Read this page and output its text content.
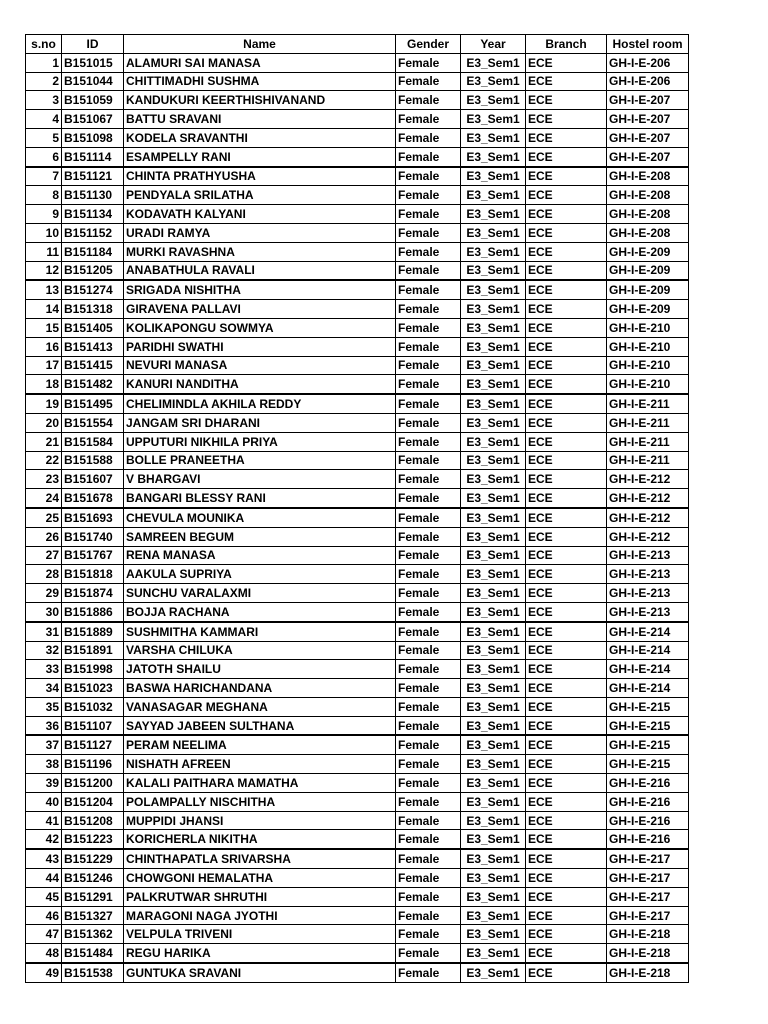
s.no	ID	Name	Gender	Year	Branch	Hostel room
1	B151015	ALAMURI SAI MANASA	Female	E3_Sem1	ECE	GH-I-E-206
2	B151044	CHITTIMADHI SUSHMA	Female	E3_Sem1	ECE	GH-I-E-206
3	B151059	KANDUKURI KEERTHISHIVANAND	Female	E3_Sem1	ECE	GH-I-E-207
4	B151067	BATTU SRAVANI	Female	E3_Sem1	ECE	GH-I-E-207
5	B151098	KODELA SRAVANTHI	Female	E3_Sem1	ECE	GH-I-E-207
6	B151114	ESAMPELLY RANI	Female	E3_Sem1	ECE	GH-I-E-207
7	B151121	CHINTA PRATHYUSHA	Female	E3_Sem1	ECE	GH-I-E-208
8	B151130	PENDYALA SRILATHA	Female	E3_Sem1	ECE	GH-I-E-208
9	B151134	KODAVATH KALYANI	Female	E3_Sem1	ECE	GH-I-E-208
10	B151152	URADI RAMYA	Female	E3_Sem1	ECE	GH-I-E-208
11	B151184	MURKI RAVASHNA	Female	E3_Sem1	ECE	GH-I-E-209
12	B151205	ANABATHULA RAVALI	Female	E3_Sem1	ECE	GH-I-E-209
13	B151274	SRIGADA NISHITHA	Female	E3_Sem1	ECE	GH-I-E-209
14	B151318	GIRAVENA PALLAVI	Female	E3_Sem1	ECE	GH-I-E-209
15	B151405	KOLIKAPONGU SOWMYA	Female	E3_Sem1	ECE	GH-I-E-210
16	B151413	PARIDHI SWATHI	Female	E3_Sem1	ECE	GH-I-E-210
17	B151415	NEVURI MANASA	Female	E3_Sem1	ECE	GH-I-E-210
18	B151482	KANURI NANDITHA	Female	E3_Sem1	ECE	GH-I-E-210
19	B151495	CHELIMINDLA AKHILA REDDY	Female	E3_Sem1	ECE	GH-I-E-211
20	B151554	JANGAM SRI DHARANI	Female	E3_Sem1	ECE	GH-I-E-211
21	B151584	UPPUTURI NIKHILA PRIYA	Female	E3_Sem1	ECE	GH-I-E-211
22	B151588	BOLLE PRANEETHA	Female	E3_Sem1	ECE	GH-I-E-211
23	B151607	V BHARGAVI	Female	E3_Sem1	ECE	GH-I-E-212
24	B151678	BANGARI BLESSY RANI	Female	E3_Sem1	ECE	GH-I-E-212
25	B151693	CHEVULA MOUNIKA	Female	E3_Sem1	ECE	GH-I-E-212
26	B151740	SAMREEN BEGUM	Female	E3_Sem1	ECE	GH-I-E-212
27	B151767	RENA MANASA	Female	E3_Sem1	ECE	GH-I-E-213
28	B151818	AAKULA SUPRIYA	Female	E3_Sem1	ECE	GH-I-E-213
29	B151874	SUNCHU VARALAXMI	Female	E3_Sem1	ECE	GH-I-E-213
30	B151886	BOJJA RACHANA	Female	E3_Sem1	ECE	GH-I-E-213
31	B151889	SUSHMITHA KAMMARI	Female	E3_Sem1	ECE	GH-I-E-214
32	B151891	VARSHA CHILUKA	Female	E3_Sem1	ECE	GH-I-E-214
33	B151998	JATOTH SHAILU	Female	E3_Sem1	ECE	GH-I-E-214
34	B151023	BASWA HARICHANDANA	Female	E3_Sem1	ECE	GH-I-E-214
35	B151032	VANASAGAR MEGHANA	Female	E3_Sem1	ECE	GH-I-E-215
36	B151107	SAYYAD JABEEN SULTHANA	Female	E3_Sem1	ECE	GH-I-E-215
37	B151127	PERAM NEELIMA	Female	E3_Sem1	ECE	GH-I-E-215
38	B151196	NISHATH AFREEN	Female	E3_Sem1	ECE	GH-I-E-215
39	B151200	KALALI PAITHARA MAMATHA	Female	E3_Sem1	ECE	GH-I-E-216
40	B151204	POLAMPALLY NISCHITHA	Female	E3_Sem1	ECE	GH-I-E-216
41	B151208	MUPPIDI JHANSI	Female	E3_Sem1	ECE	GH-I-E-216
42	B151223	KORICHERLA NIKITHA	Female	E3_Sem1	ECE	GH-I-E-216
43	B151229	CHINTHAPATLA SRIVARSHA	Female	E3_Sem1	ECE	GH-I-E-217
44	B151246	CHOWGONI HEMALATHA	Female	E3_Sem1	ECE	GH-I-E-217
45	B151291	PALKRUTWAR SHRUTHI	Female	E3_Sem1	ECE	GH-I-E-217
46	B151327	MARAGONI NAGA JYOTHI	Female	E3_Sem1	ECE	GH-I-E-217
47	B151362	VELPULA TRIVENI	Female	E3_Sem1	ECE	GH-I-E-218
48	B151484	REGU HARIKA	Female	E3_Sem1	ECE	GH-I-E-218
49	B151538	GUNTUKA SRAVANI	Female	E3_Sem1	ECE	GH-I-E-218
